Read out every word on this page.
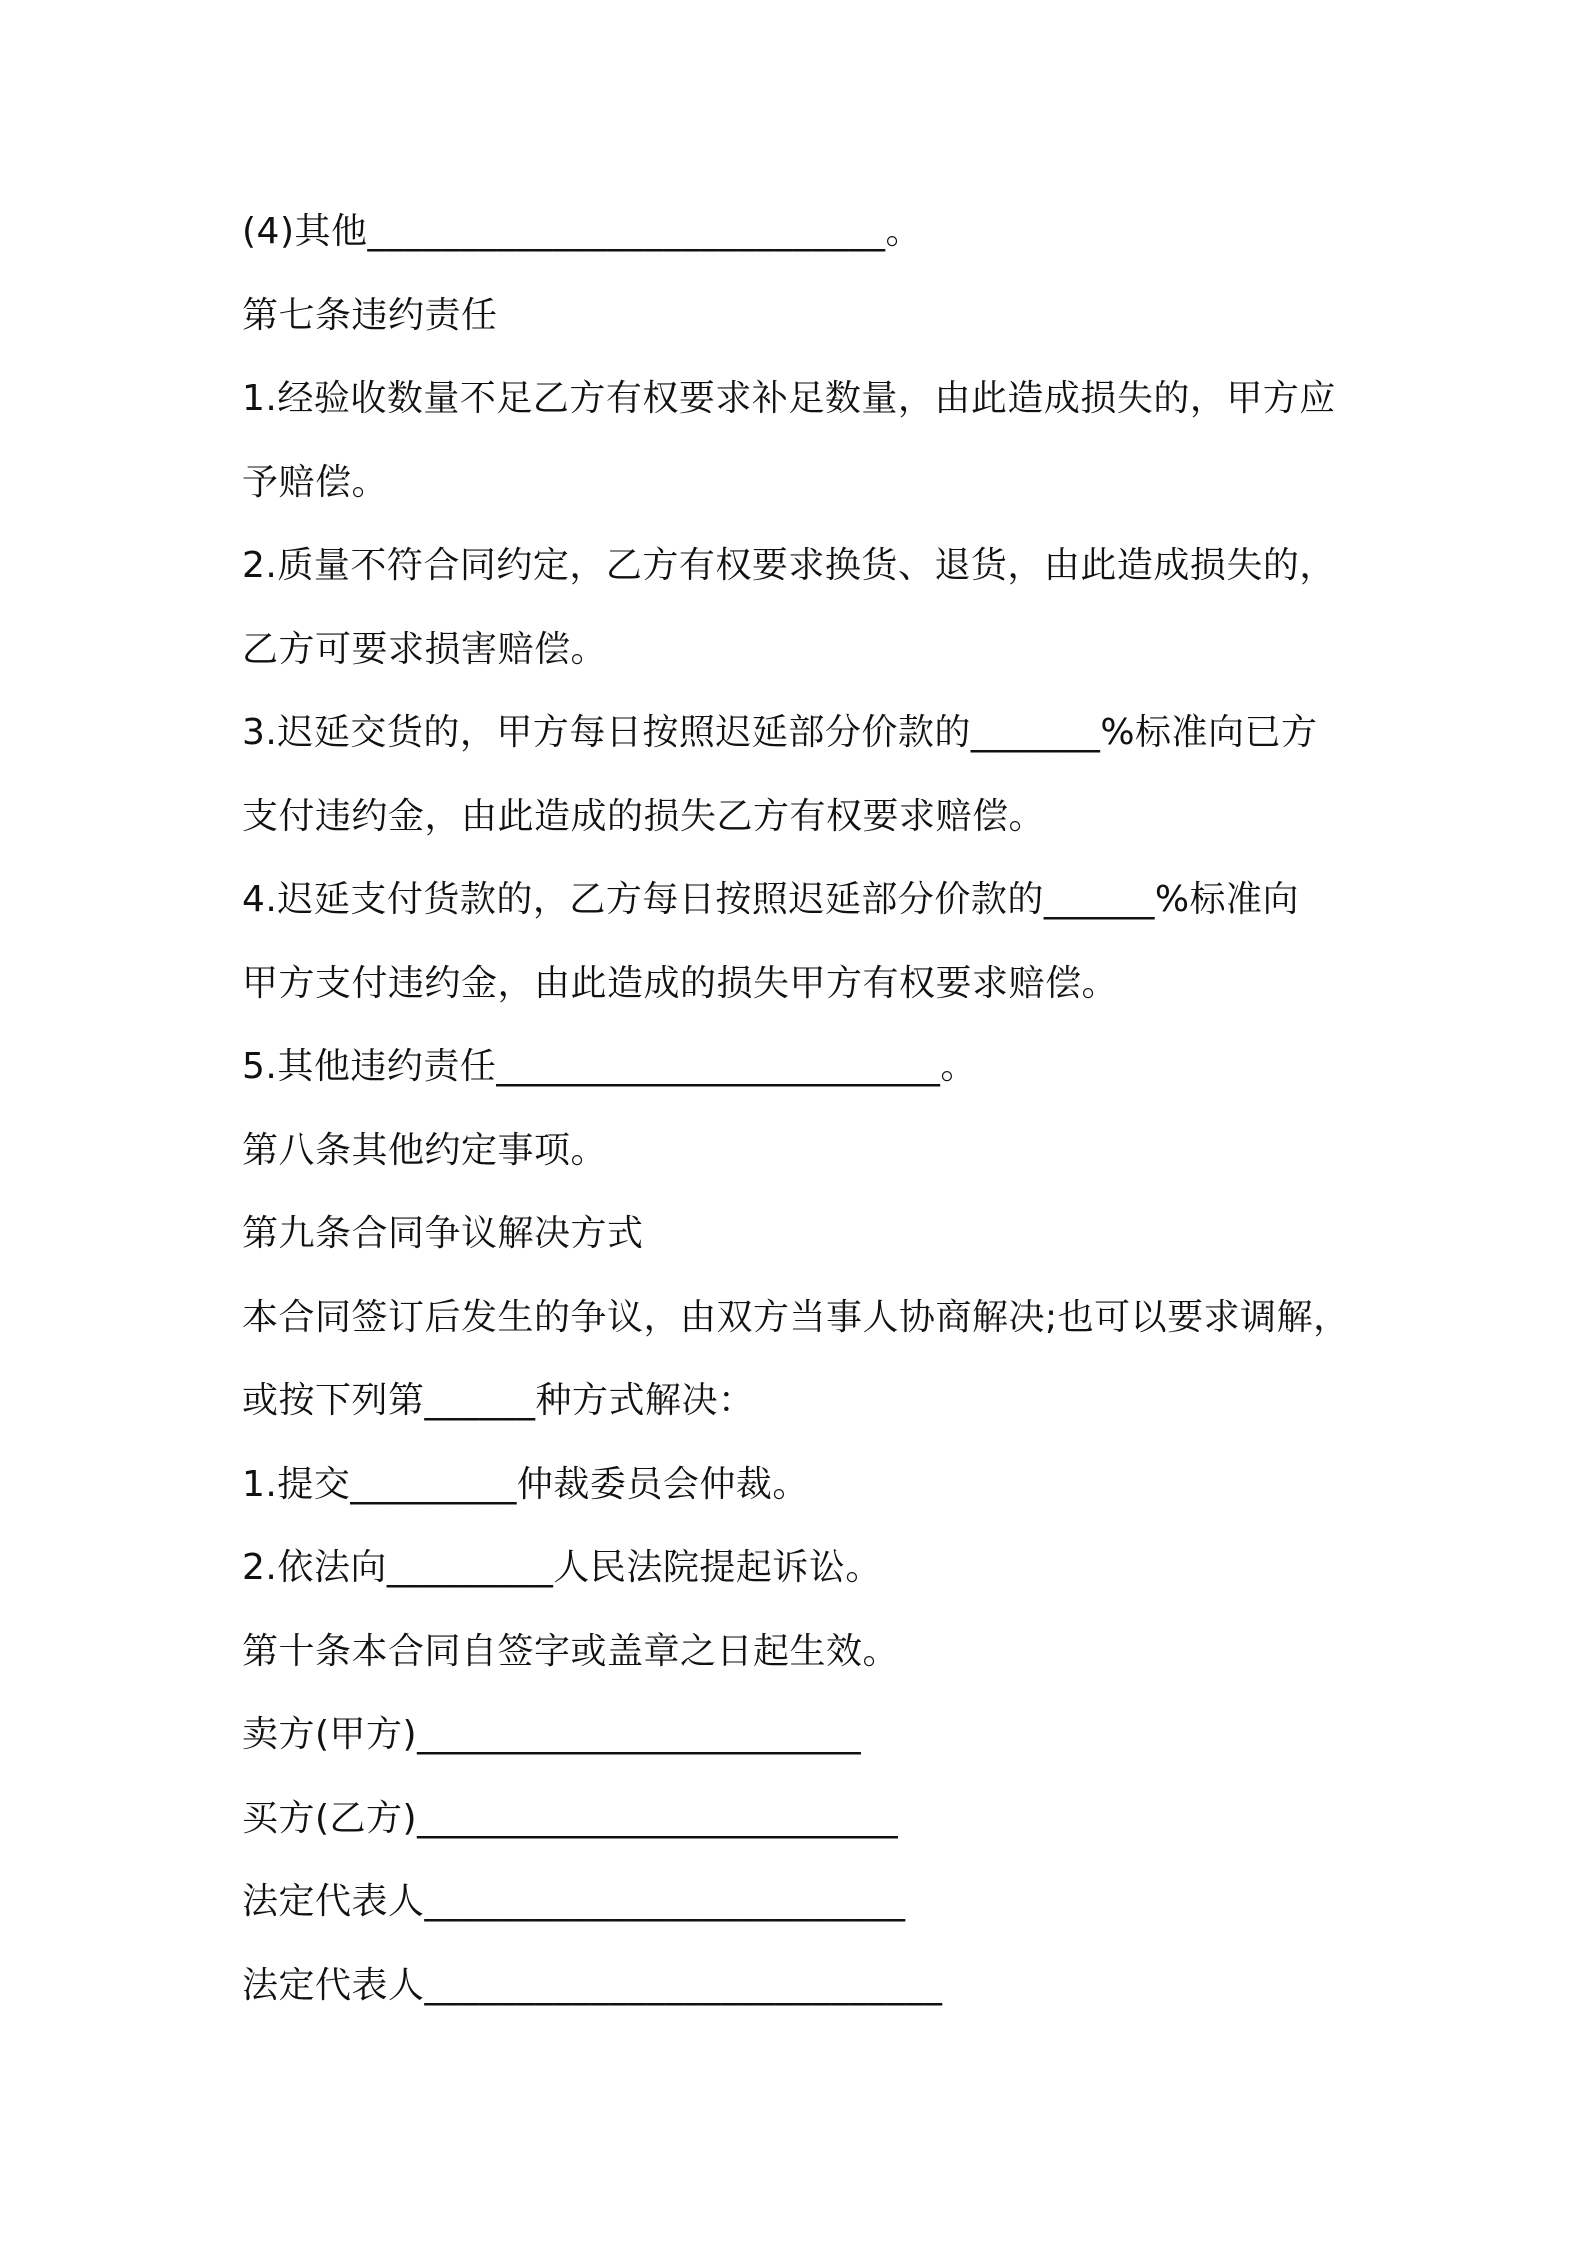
(4)其他____________________________。
第七条违约责任
1.经验收数量不足乙方有权要求补足数量，由此造成损失的，甲方应
予赔偿。
2.质量不符合同约定，乙方有权要求换货、退货，由此造成损失的，
乙方可要求损害赔偿。
3.迟延交货的，甲方每日按照迟延部分价款的_______%标准向已方
支付违约金，由此造成的损失乙方有权要求赔偿。
4.迟延支付货款的，乙方每日按照迟延部分价款的______%标准向
甲方支付违约金，由此造成的损失甲方有权要求赔偿。
5.其他违约责任________________________。
第八条其他约定事项。
第九条合同争议解决方式
本合同签订后发生的争议，由双方当事人协商解决;也可以要求调解，
或按下列第______种方式解决：
1.提交_________仲裁委员会仲裁。
2.依法向_________人民法院提起诉讼。
第十条本合同自签字或盖章之日起生效。
卖方(甲方)________________________
买方(乙方)__________________________
法定代表人__________________________
法定代表人____________________________
